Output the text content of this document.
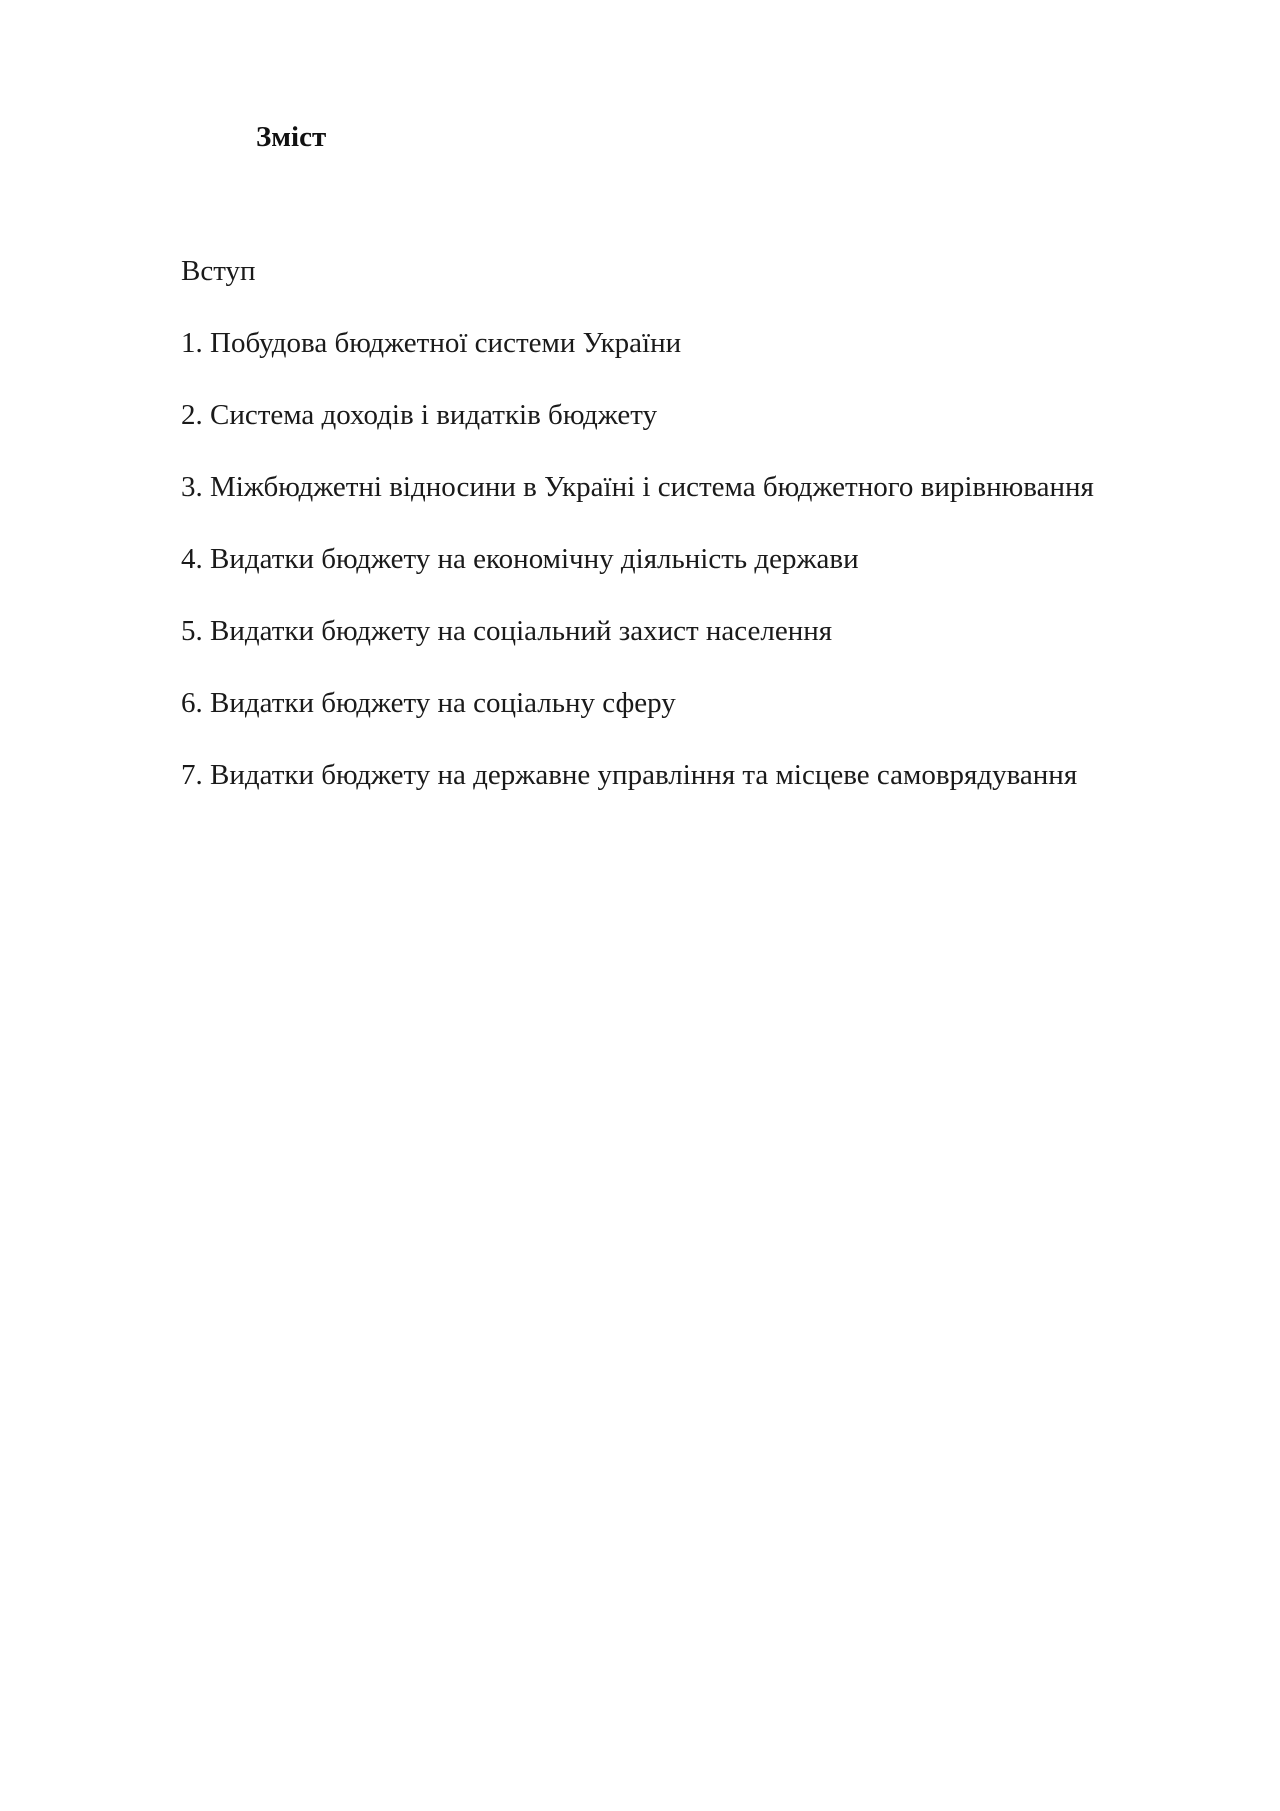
Зміст
Вступ
1. Побудова бюджетної системи України
2. Система доходів і видатків бюджету
3. Міжбюджетні відносини в Україні і система бюджетного вирівнювання
4. Видатки бюджету на економічну діяльність держави
5. Видатки бюджету на соціальний захист населення
6. Видатки бюджету на соціальну сферу
7. Видатки бюджету на державне управління та місцеве самоврядування
